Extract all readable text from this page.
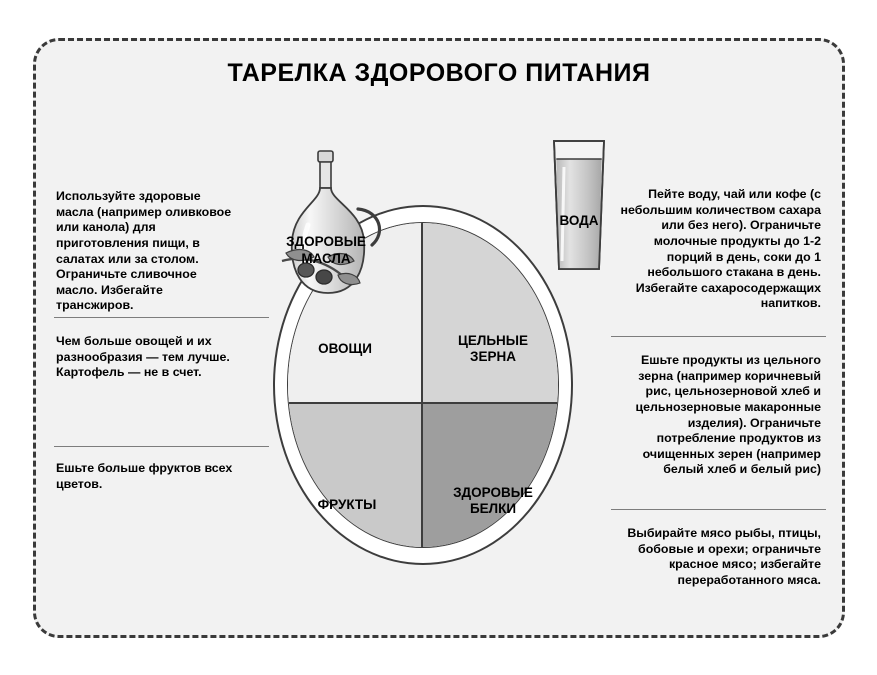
ТАРЕЛКА ЗДОРОВОГО ПИТАНИЯ
ОВОЩИ
ЦЕЛЬНЫЕ
ЗЕРНА
ФРУКТЫ
ЗДОРОВЫЕ
БЕЛКИ
ЗДОРОВЫЕ
МАСЛА
ВОДА
Используйте здоровые масла (например оливковое или канола) для приготовления пищи, в салатах или за столом. Ограничьте сливочное масло. Избегайте трансжиров.
Чем больше овощей и их разнообразия — тем лучше. Картофель — не в счет.
Ешьте больше фруктов всех цветов.
Пейте воду, чай или кофе (с небольшим количеством сахара или без него). Ограничьте молочные продукты до 1-2 порций в день, соки до 1 небольшого стакана в день. Избегайте сахаросодержащих напитков.
Ешьте продукты из цельного зерна (например коричневый рис, цельнозерновой хлеб и цельнозерновые макаронные изделия). Ограничьте потребление продуктов из очищенных зерен (например белый хлеб и белый рис)
Выбирайте мясо рыбы, птицы, бобовые и орехи; ограничьте красное мясо; избегайте переработанного мяса.
